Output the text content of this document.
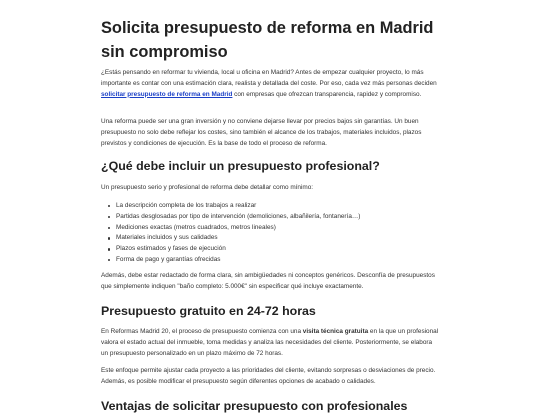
Solicita presupuesto de reforma en Madrid sin compromiso

¿Estás pensando en reformar tu vivienda, local u oficina en Madrid? Antes de empezar cualquier proyecto, lo más importante es contar con una estimación clara, realista y detallada del coste. Por eso, cada vez más personas deciden solicitar presupuesto de reforma en Madrid con empresas que ofrezcan transparencia, rapidez y compromiso.

Una reforma puede ser una gran inversión y no conviene dejarse llevar por precios bajos sin garantías. Un buen presupuesto no solo debe reflejar los costes, sino también el alcance de los trabajos, materiales incluidos, plazos previstos y condiciones de ejecución. Es la base de todo el proceso de reforma.

¿Qué debe incluir un presupuesto profesional?

Un presupuesto serio y profesional de reforma debe detallar como mínimo:

La descripción completa de los trabajos a realizar
Partidas desglosadas por tipo de intervención (demoliciones, albañilería, fontanería…)
Mediciones exactas (metros cuadrados, metros lineales)
Materiales incluidos y sus calidades
Plazos estimados y fases de ejecución
Forma de pago y garantías ofrecidas

Además, debe estar redactado de forma clara, sin ambigüedades ni conceptos genéricos. Desconfía de presupuestos que simplemente indiquen "baño completo: 5.000€" sin especificar qué incluye exactamente.

Presupuesto gratuito en 24-72 horas

En Reformas Madrid 20, el proceso de presupuesto comienza con una visita técnica gratuita en la que un profesional valora el estado actual del inmueble, toma medidas y analiza las necesidades del cliente. Posteriormente, se elabora un presupuesto personalizado en un plazo máximo de 72 horas.

Este enfoque permite ajustar cada proyecto a las prioridades del cliente, evitando sorpresas o desviaciones de precio. Además, es posible modificar el presupuesto según diferentes opciones de acabado o calidades.

Ventajas de solicitar presupuesto con profesionales
